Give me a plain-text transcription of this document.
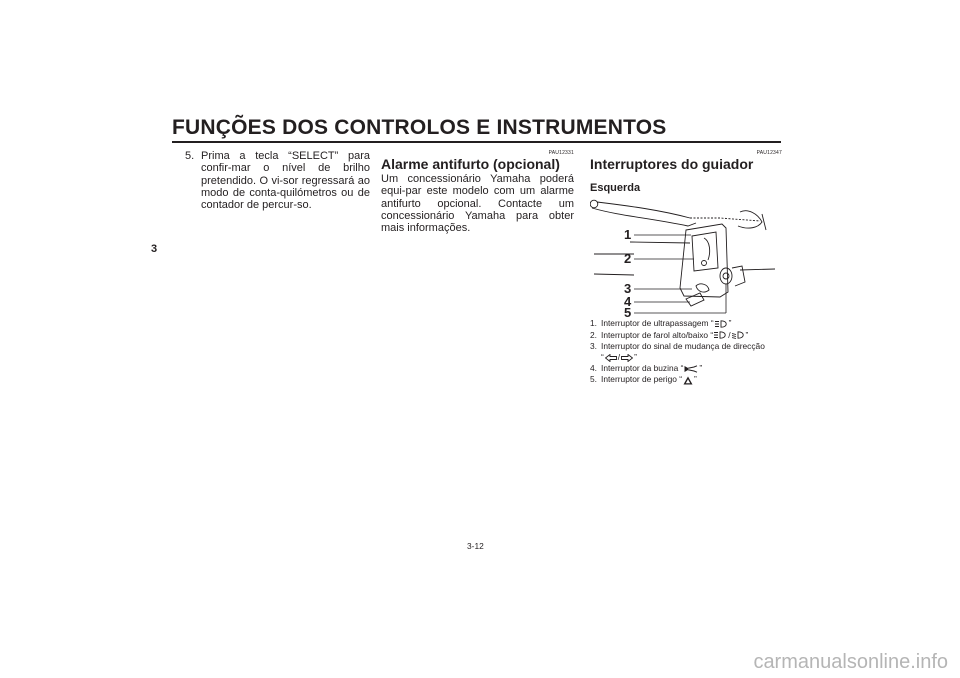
FUNÇÕES DOS CONTROLOS E INSTRUMENTOS
3
5. Prima a tecla “SELECT” para confir-mar o nível de brilho pretendido. O vi-sor regressará ao modo de conta-quilómetros ou de contador de percur-so.
PAU12331
Alarme antifurto (opcional)
Um concessionário Yamaha poderá equi-par este modelo com um alarme antifurto opcional. Contacte um concessionário Yamaha para obter mais informações.
PAU12347
Interruptores do guiador
Esquerda
1
2
3
4
5
1. Interruptor de ultrapassagem “ ”
2. Interruptor de farol alto/baixo “ / ”
3. Interruptor do sinal de mudança de direcção
“ / ”
4. Interruptor da buzina “ ”
5. Interruptor de perigo “ ”
3-12
carmanualsonline.info
